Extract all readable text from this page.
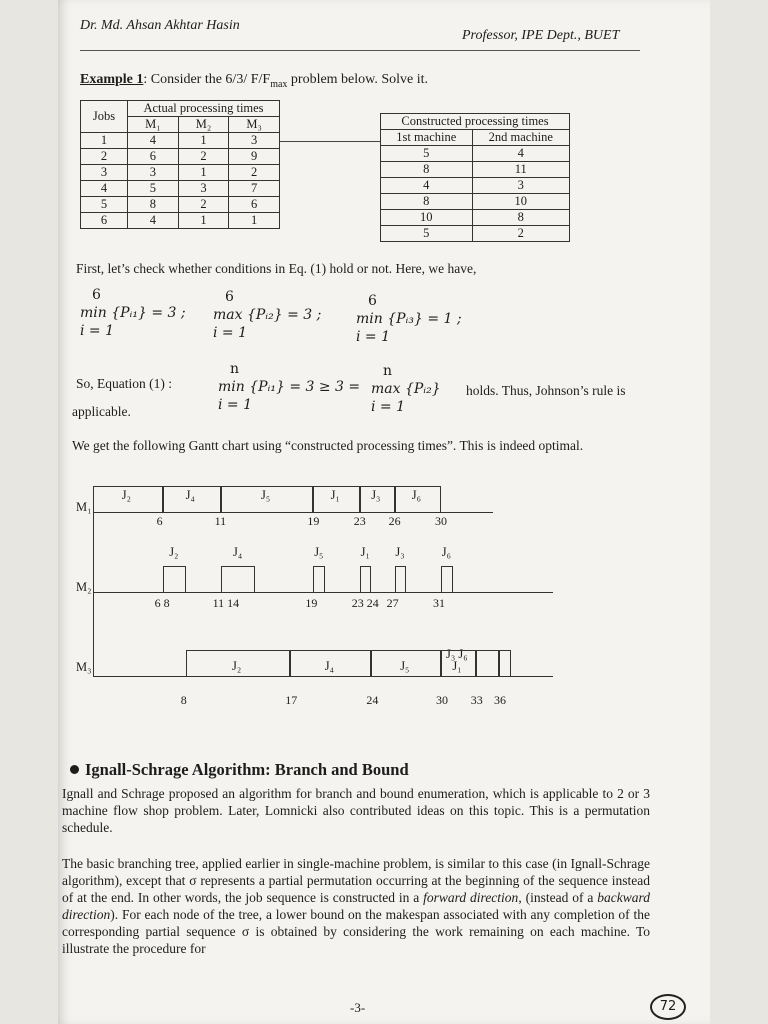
Dr. Md. Ahsan Akhtar Hasin
Professor, IPE Dept., BUET
Example 1: Consider the 6/3/ $F/F_{max}$ problem below. Solve it.
Jobs	Actual processing times		
	M₁	M₂	M₃
1	4	1	3
2	6	2	9
3	3	1	2
4	5	3	7
5	8	2	6
6	4	1	1
Constructed processing times	
1st machine	2nd machine
5	4
8	11
4	3
8	10
10	8
5	2
First, let’s check whether conditions in Eq. (1) hold or not. Here, we have,
6
min {Pᵢ₁} = 3 ;
i = 1
6
max {Pᵢ₂} = 3 ;
i = 1
6
min {Pᵢ₃} = 1 ;
i = 1
So, Equation (1) :
n
min {Pᵢ₁} = 3 ≥ 3 =
i = 1
n
max {Pᵢ₂}
i = 1
holds. Thus, Johnson’s rule is
applicable.
We get the following Gantt chart using “constructed processing times”. This is indeed optimal.
M₁
M₂
M₃
J₃ J₆
J₂
6
J₄
11
J₅
19
J₁
23
J₃
26
J₆
30
J₂
6 8
J₄
11 14
J₅
19
J₁
23 24
J₃
27
J₆
31
J₂
8
J₄
17
J₅
24
J₁
30 33 36
Ignall-Schrage Algorithm: Branch and Bound
Ignall and Schrage proposed an algorithm for branch and bound enumeration, which is applicable to 2 or 3 machine flow shop problem. Later, Lomnicki also contributed ideas on this topic. This is a permutation schedule.
The basic branching tree, applied earlier in single-machine problem, is similar to this case (in Ignall-Schrage algorithm), except that σ represents a partial permutation occurring at the beginning of the sequence instead of at the end. In other words, the job sequence is constructed in a forward direction, (instead of a backward direction). For each node of the tree, a lower bound on the makespan associated with any completion of the corresponding partial sequence σ is obtained by considering the work remaining on each machine. To illustrate the procedure for
-3-	72
